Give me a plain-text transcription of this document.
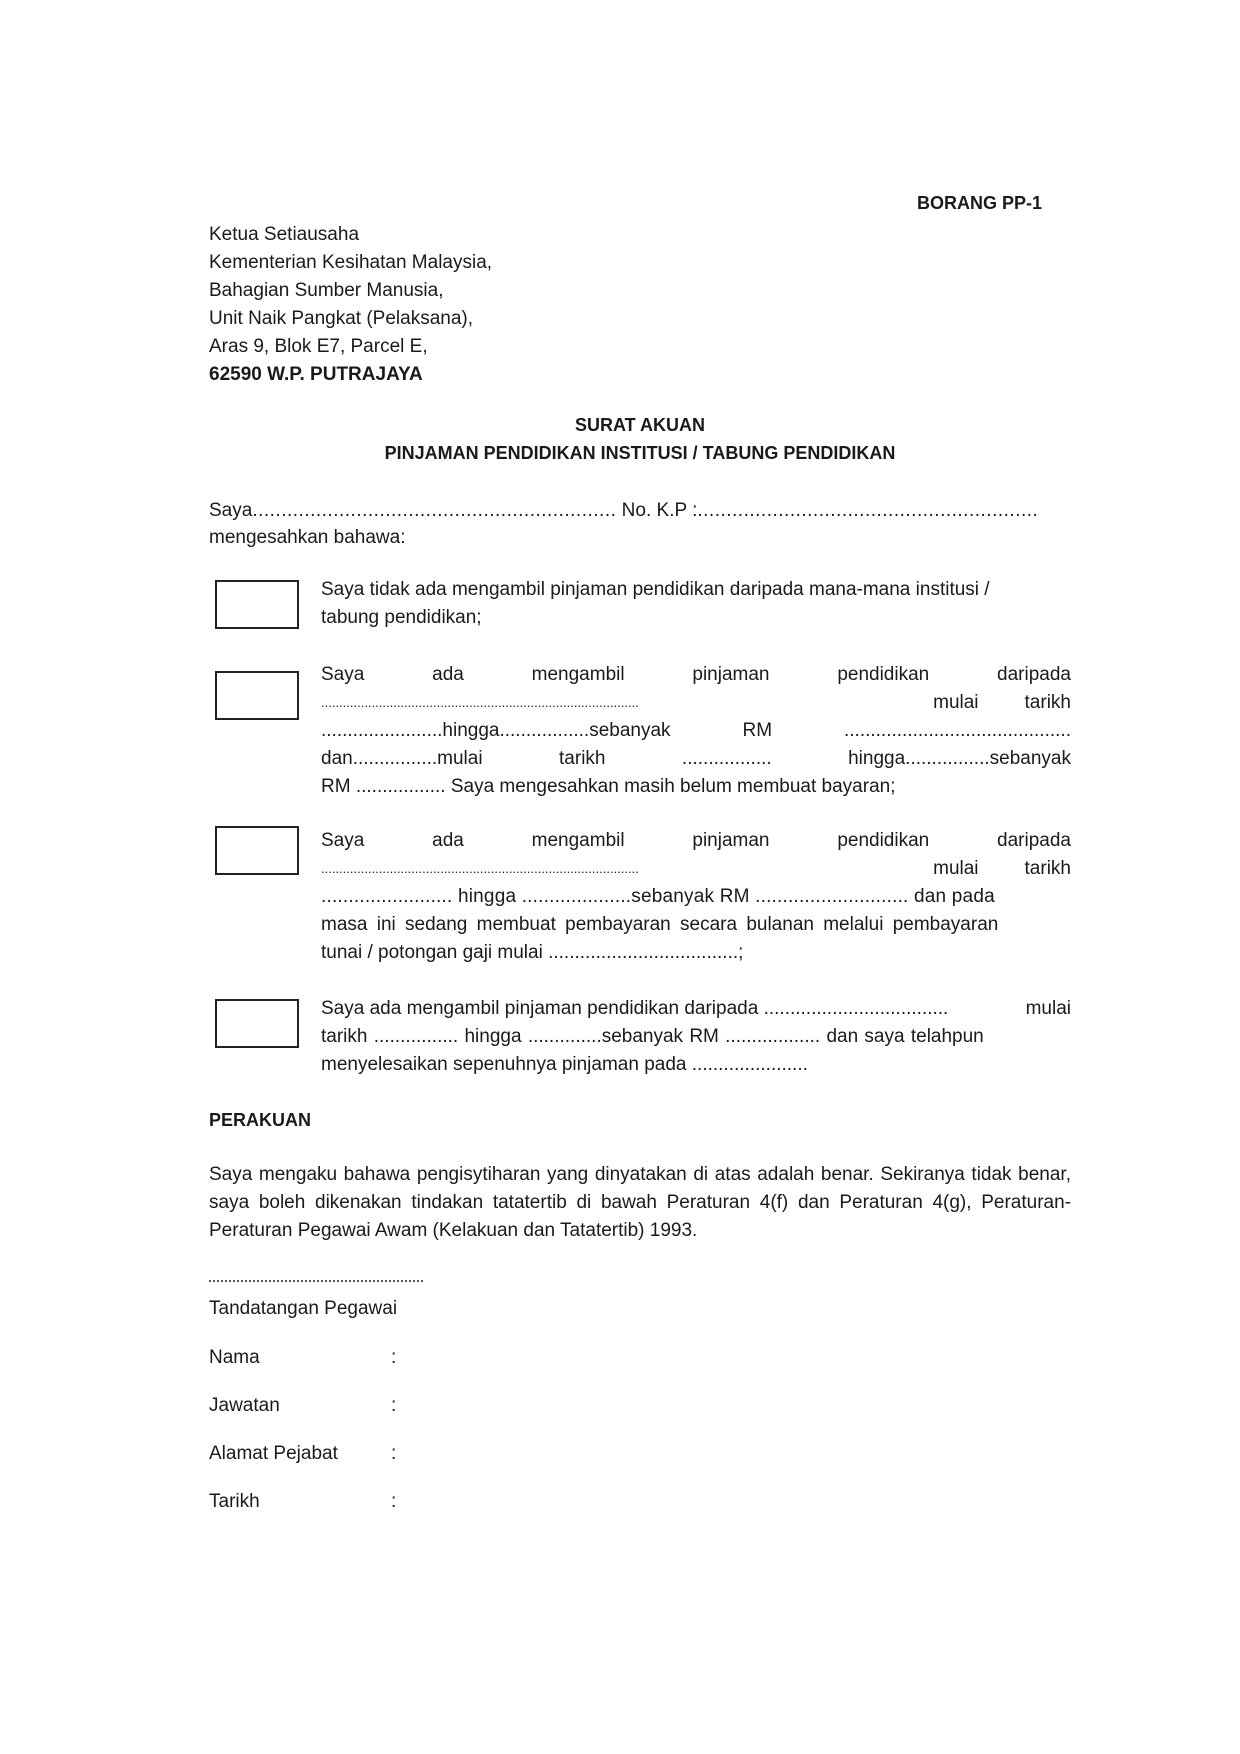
BORANG PP-1
Ketua Setiausaha
Kementerian Kesihatan Malaysia,
Bahagian Sumber Manusia,
Unit Naik Pangkat (Pelaksana),
Aras 9, Blok E7, Parcel E,
62590 W.P. PUTRAJAYA
SURAT AKUAN
PINJAMAN PENDIDIKAN INSTITUSI / TABUNG PENDIDIKAN
Saya............................................................... No. K.P :...........................................................
mengesahkan bahawa:
Saya tidak ada mengambil pinjaman pendidikan daripada mana-mana institusi /
tabung pendidikan;
Saya	ada	mengambil	pinjaman	pendidikan	daripada
........................................................................................	mulai tarikh
.......................hingga.................sebanyak	RM	...........................................
dan................mulai	tarikh	.................	hingga................sebanyak
RM ................. Saya mengesahkan masih belum membuat bayaran;
Saya	ada	mengambil	pinjaman	pendidikan	daripada
........................................................................................	mulai tarikh
........................ hingga ....................sebanyak RM ............................ dan pada
masa ini sedang membuat pembayaran secara bulanan melalui pembayaran
tunai / potongan gaji mulai ....................................;
Saya ada mengambil pinjaman pendidikan daripada ...................................	mulai
tarikh ................ hingga ..............sebanyak RM .................. dan saya telahpun
menyelesaikan sepenuhnya pinjaman pada ......................
PERAKUAN
Saya mengaku bahawa pengisytiharan yang dinyatakan di atas adalah benar. Sekiranya tidak benar, saya boleh dikenakan tindakan tatatertib di bawah Peraturan 4(f) dan Peraturan 4(g), Peraturan-Peraturan Pegawai Awam (Kelakuan dan Tatatertib) 1993.
Tandatangan Pegawai
Nama	:
Jawatan	:
Alamat Pejabat	:
Tarikh	:
